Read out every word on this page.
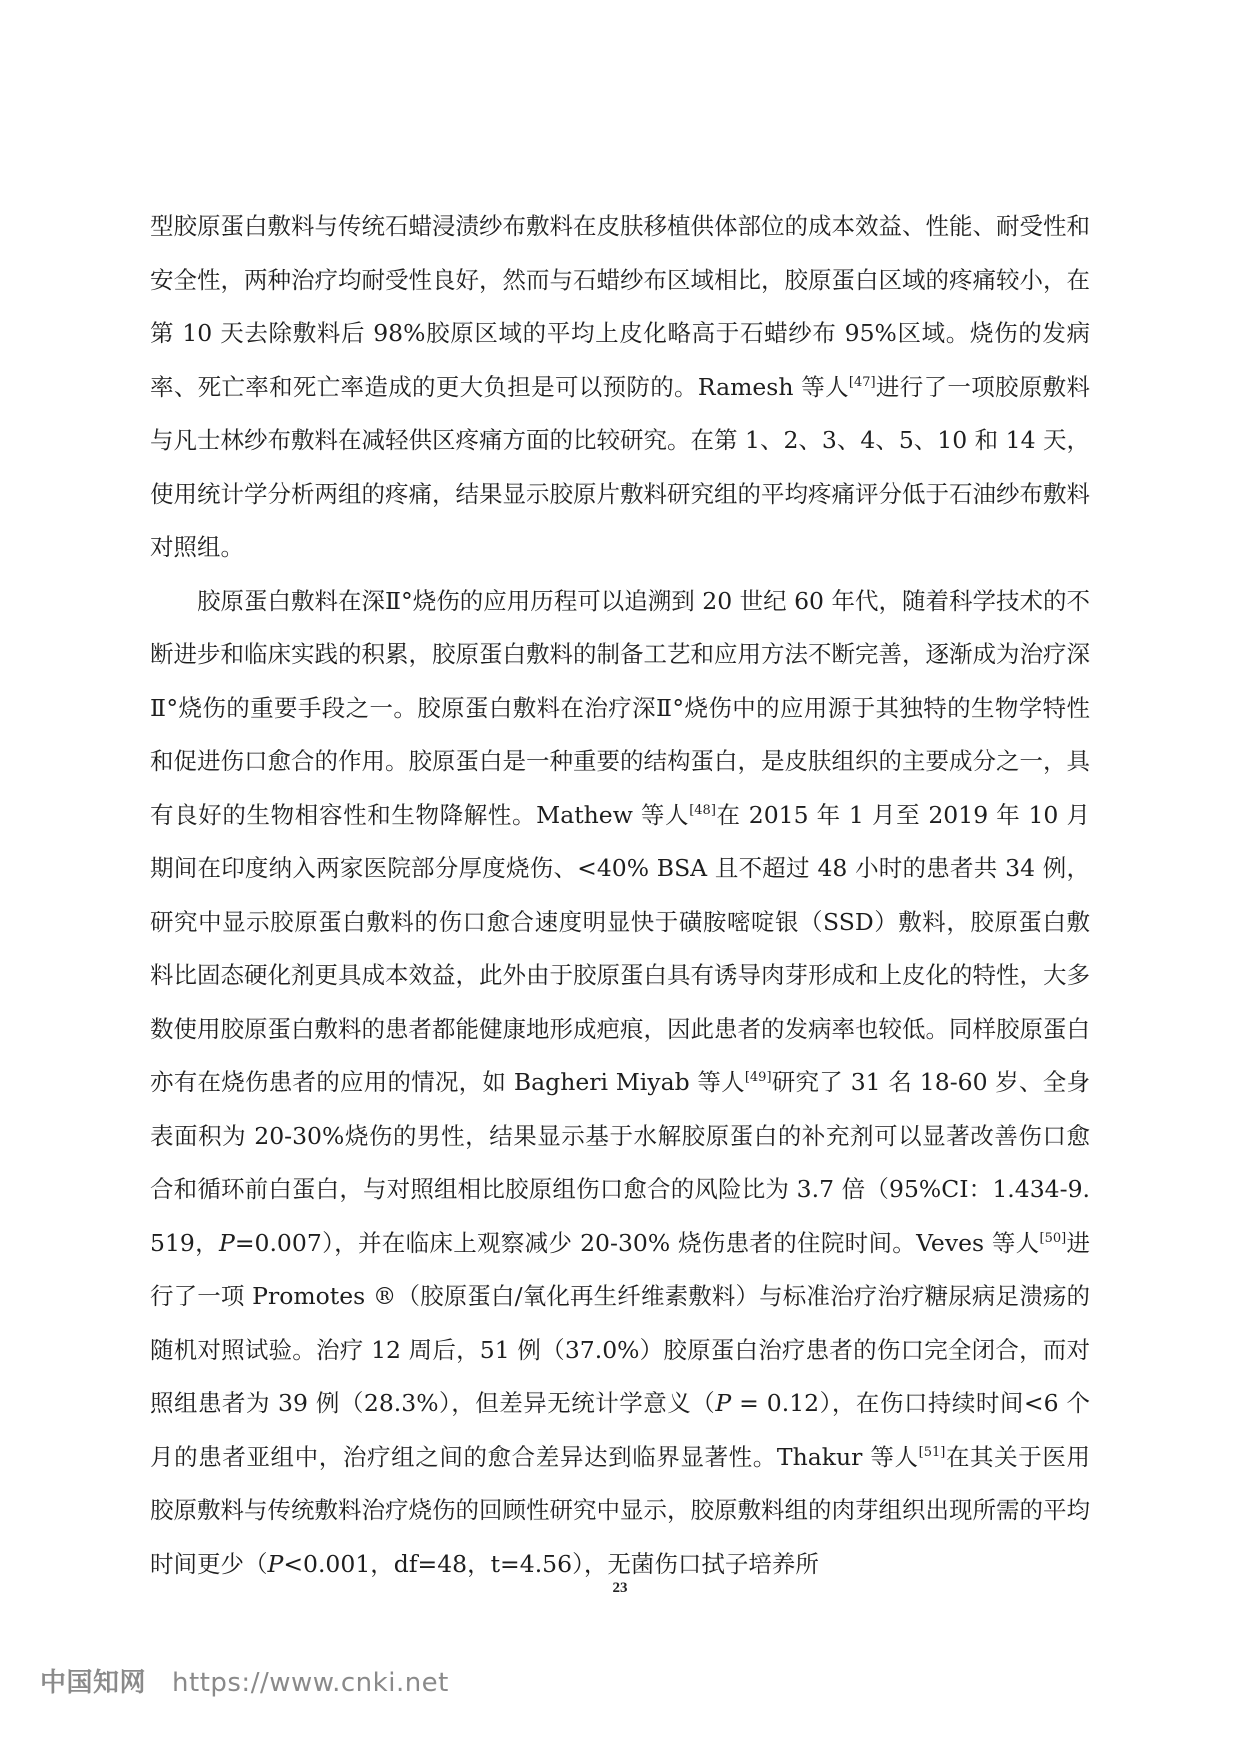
型胶原蛋白敷料与传统石蜡浸渍纱布敷料在皮肤移植供体部位的成本效益、性能、耐受性和安全性，两种治疗均耐受性良好，然而与石蜡纱布区域相比，胶原蛋白区域的疼痛较小，在第 10 天去除敷料后 98%胶原区域的平均上皮化略高于石蜡纱布 95%区域。烧伤的发病率、死亡率和死亡率造成的更大负担是可以预防的。Ramesh 等人[47]进行了一项胶原敷料与凡士林纱布敷料在减轻供区疼痛方面的比较研究。在第 1、2、3、4、5、10 和 14 天，使用统计学分析两组的疼痛，结果显示胶原片敷料研究组的平均疼痛评分低于石油纱布敷料对照组。

胶原蛋白敷料在深Ⅱ°烧伤的应用历程可以追溯到 20 世纪 60 年代，随着科学技术的不断进步和临床实践的积累，胶原蛋白敷料的制备工艺和应用方法不断完善，逐渐成为治疗深Ⅱ°烧伤的重要手段之一。胶原蛋白敷料在治疗深Ⅱ°烧伤中的应用源于其独特的生物学特性和促进伤口愈合的作用。胶原蛋白是一种重要的结构蛋白，是皮肤组织的主要成分之一，具有良好的生物相容性和生物降解性。Mathew 等人[48]在 2015 年 1 月至 2019 年 10 月期间在印度纳入两家医院部分厚度烧伤、<40% BSA 且不超过 48 小时的患者共 34 例，研究中显示胶原蛋白敷料的伤口愈合速度明显快于磺胺嘧啶银（SSD）敷料，胶原蛋白敷料比固态硬化剂更具成本效益，此外由于胶原蛋白具有诱导肉芽形成和上皮化的特性，大多数使用胶原蛋白敷料的患者都能健康地形成疤痕，因此患者的发病率也较低。同样胶原蛋白亦有在烧伤患者的应用的情况，如 Bagheri Miyab 等人[49]研究了 31 名 18-60 岁、全身表面积为 20-30%烧伤的男性，结果显示基于水解胶原蛋白的补充剂可以显著改善伤口愈合和循环前白蛋白，与对照组相比胶原组伤口愈合的风险比为 3.7 倍（95%CI：1.434-9.519，P=0.007），并在临床上观察减少 20-30% 烧伤患者的住院时间。Veves 等人[50]进行了一项 Promotes ®（胶原蛋白/氧化再生纤维素敷料）与标准治疗治疗糖尿病足溃疡的随机对照试验。治疗 12 周后，51 例（37.0%）胶原蛋白治疗患者的伤口完全闭合，而对照组患者为 39 例（28.3%），但差异无统计学意义（P = 0.12），在伤口持续时间<6 个月的患者亚组中，治疗组之间的愈合差异达到临界显著性。Thakur 等人[51]在其关于医用胶原敷料与传统敷料治疗烧伤的回顾性研究中显示，胶原敷料组的肉芽组织出现所需的平均时间更少（P<0.001，df=48，t=4.56），无菌伤口拭子培养所

23
中国知网 https://www.cnki.net
